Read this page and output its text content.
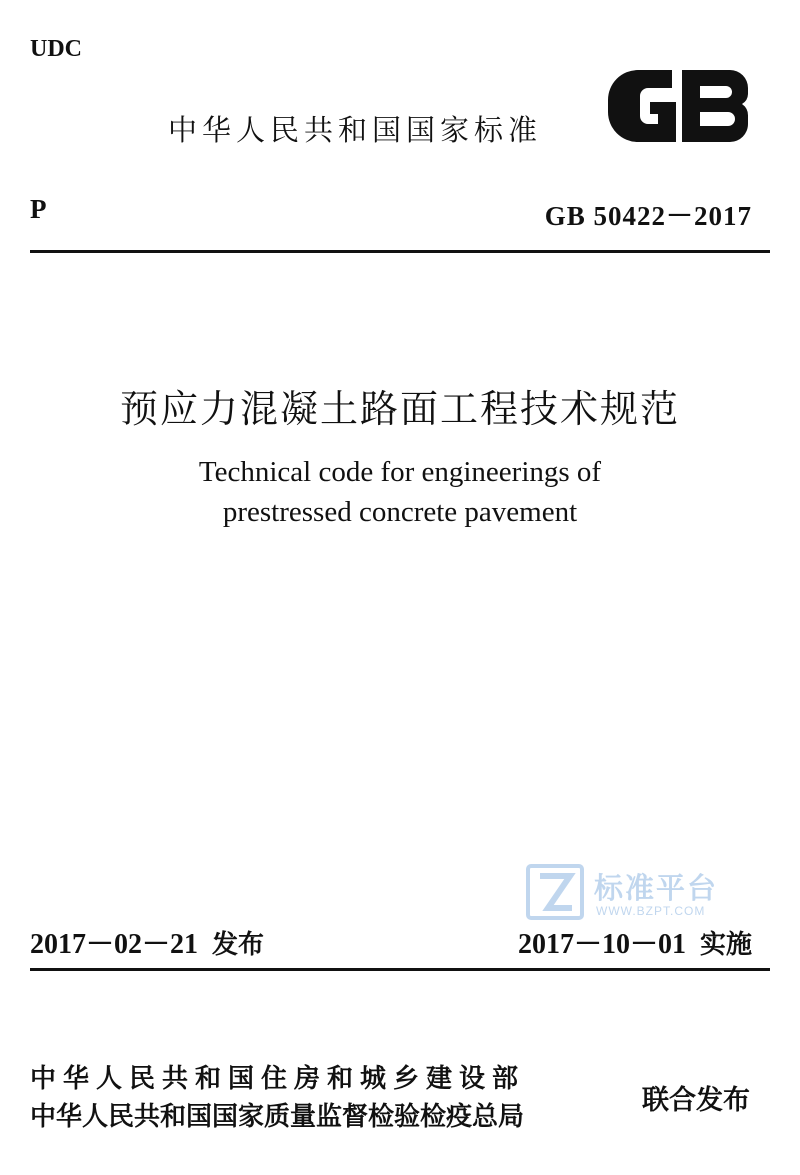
UDC
中华人民共和国国家标准
GB
P	GB 50422－2017
预应力混凝土路面工程技术规范
Technical code for engineerings of
prestressed concrete pavement
标准平台
WWW.BZPT.COM
2017－02－21 发布	2017－10－01 实施
中华人民共和国住房和城乡建设部
中华人民共和国国家质量监督检验检疫总局
联合发布
